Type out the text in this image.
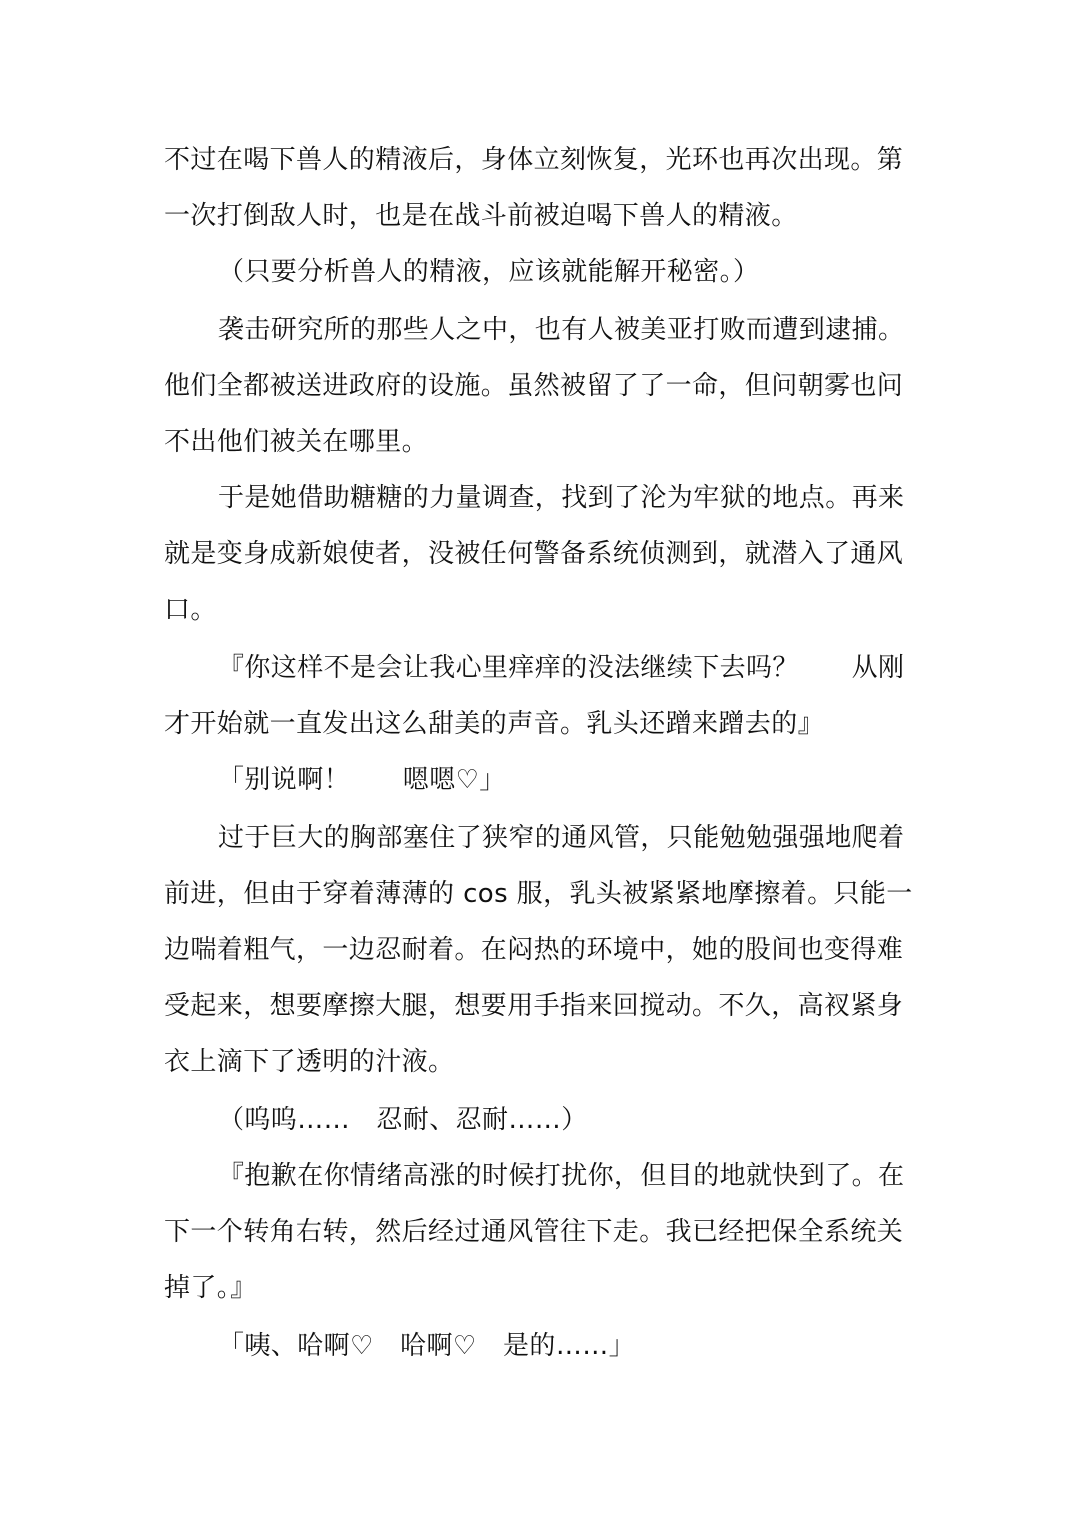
不过在喝下兽人的精液后，身体立刻恢复，光环也再次出现。第
一次打倒敌人时，也是在战斗前被迫喝下兽人的精液。
（只要分析兽人的精液，应该就能解开秘密。）
袭击研究所的那些人之中，也有人被美亚打败而遭到逮捕。
他们全都被送进政府的设施。虽然被留了了一命，但问朝雾也问
不出他们被关在哪里。
于是她借助糖糖的力量调查，找到了沦为牢狱的地点。再来
就是变身成新娘使者，没被任何警备系统侦测到，就潜入了通风
口。
『你这样不是会让我心里痒痒的没法继续下去吗？　　从刚
才开始就一直发出这么甜美的声音。乳头还蹭来蹭去的』
「别说啊！　　嗯嗯♡」
过于巨大的胸部塞住了狭窄的通风管，只能勉勉强强地爬着
前进，但由于穿着薄薄的 cos 服，乳头被紧紧地摩擦着。只能一
边喘着粗气，一边忍耐着。在闷热的环境中，她的股间也变得难
受起来，想要摩擦大腿，想要用手指来回搅动。不久，高衩紧身
衣上滴下了透明的汁液。
（呜呜……　忍耐、忍耐……）
『抱歉在你情绪高涨的时候打扰你，但目的地就快到了。在
下一个转角右转，然后经过通风管往下走。我已经把保全系统关
掉了。』
「咦、哈啊♡　哈啊♡　是的……」
